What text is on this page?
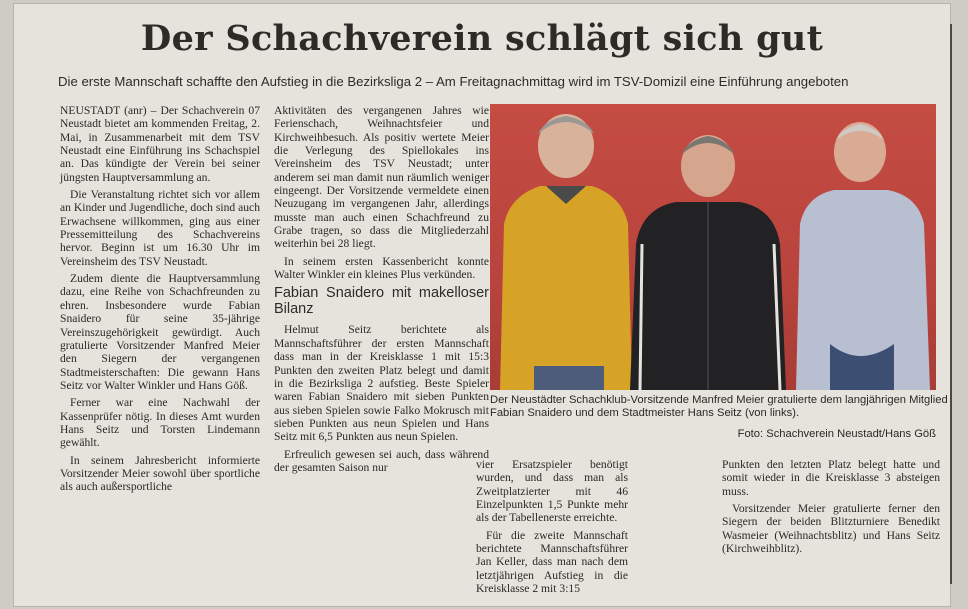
Der Schachverein schlägt sich gut
Die erste Mannschaft schaffte den Aufstieg in die Bezirksliga 2 – Am Freitagnachmittag wird im TSV-Domizil eine Einführung angeboten

NEUSTADT (anr) – Der Schachverein 07 Neustadt bietet am kommenden Freitag, 2. Mai, in Zusammenarbeit mit dem TSV Neustadt eine Einführung ins Schachspiel an. Das kündigte der Verein bei seiner jüngsten Hauptversammlung an.

Die Veranstaltung richtet sich vor allem an Kinder und Jugendliche, doch sind auch Erwachsene willkommen, ging aus einer Pressemitteilung des Schachvereins hervor. Beginn ist um 16.30 Uhr im Vereinsheim des TSV Neustadt.

Zudem diente die Hauptversammlung dazu, eine Reihe von Schachfreunden zu ehren. Insbesondere wurde Fabian Snaidero für seine 35-jährige Vereinszugehörigkeit gewürdigt. Auch gratulierte Vorsitzender Manfred Meier den Siegern der vergangenen Stadtmeisterschaften: Die gewann Hans Seitz vor Walter Winkler und Hans Göß.

Ferner war eine Nachwahl der Kassenprüfer nötig. In dieses Amt wurden Hans Seitz und Torsten Lindemann gewählt.

In seinem Jahresbericht informierte Vorsitzender Meier sowohl über sportliche als auch außersportliche

Aktivitäten des vergangenen Jahres wie Ferienschach, Weihnachtsfeier und Kirchweihbesuch. Als positiv wertete Meier die Verlegung des Spiellokales ins Vereinsheim des TSV Neustadt; unter anderem sei man damit nun räumlich weniger eingeengt. Der Vorsitzende vermeldete einen Neuzugang im vergangenen Jahr, allerdings musste man auch einen Schachfreund zu Grabe tragen, so dass die Mitgliederzahl weiterhin bei 28 liegt.

In seinem ersten Kassenbericht konnte Walter Winkler ein kleines Plus verkünden.

Fabian Snaidero mit makelloser Bilanz

Helmut Seitz berichtete als Mannschaftsführer der ersten Mannschaft dass man in der Kreisklasse 1 mit 15:3 Punkten den zweiten Platz belegt und damit in die Bezirksliga 2 aufstieg. Beste Spieler waren Fabian Snaidero mit sieben Punkten aus sieben Spielen sowie Falko Mokrusch mit sieben Punkten aus neun Spielen und Hans Seitz mit 6,5 Punkten aus neun Spielen.

Erfreulich gewesen sei auch, dass während der gesamten Saison nur

Der Neustädter Schachklub-Vorsitzende Manfred Meier gratulierte dem langjährigen Mitglied Fabian Snaidero und dem Stadtmeister Hans Seitz (von links).
Foto: Schachverein Neustadt/Hans Göß

vier Ersatzspieler benötigt wurden, und dass man als Zweitplatzierter mit 46 Einzelpunkten 1,5 Punkte mehr als der Tabellenerste erreichte.

Für die zweite Mannschaft berichtete Mannschaftsführer Jan Keller, dass man nach dem letztjährigen Aufstieg in die Kreisklasse 2 mit 3:15

Punkten den letzten Platz belegt hatte und somit wieder in die Kreisklasse 3 absteigen muss.

Vorsitzender Meier gratulierte ferner den Siegern der beiden Blitzturniere Benedikt Wasmeier (Weihnachtsblitz) und Hans Seitz (Kirchweihblitz).
